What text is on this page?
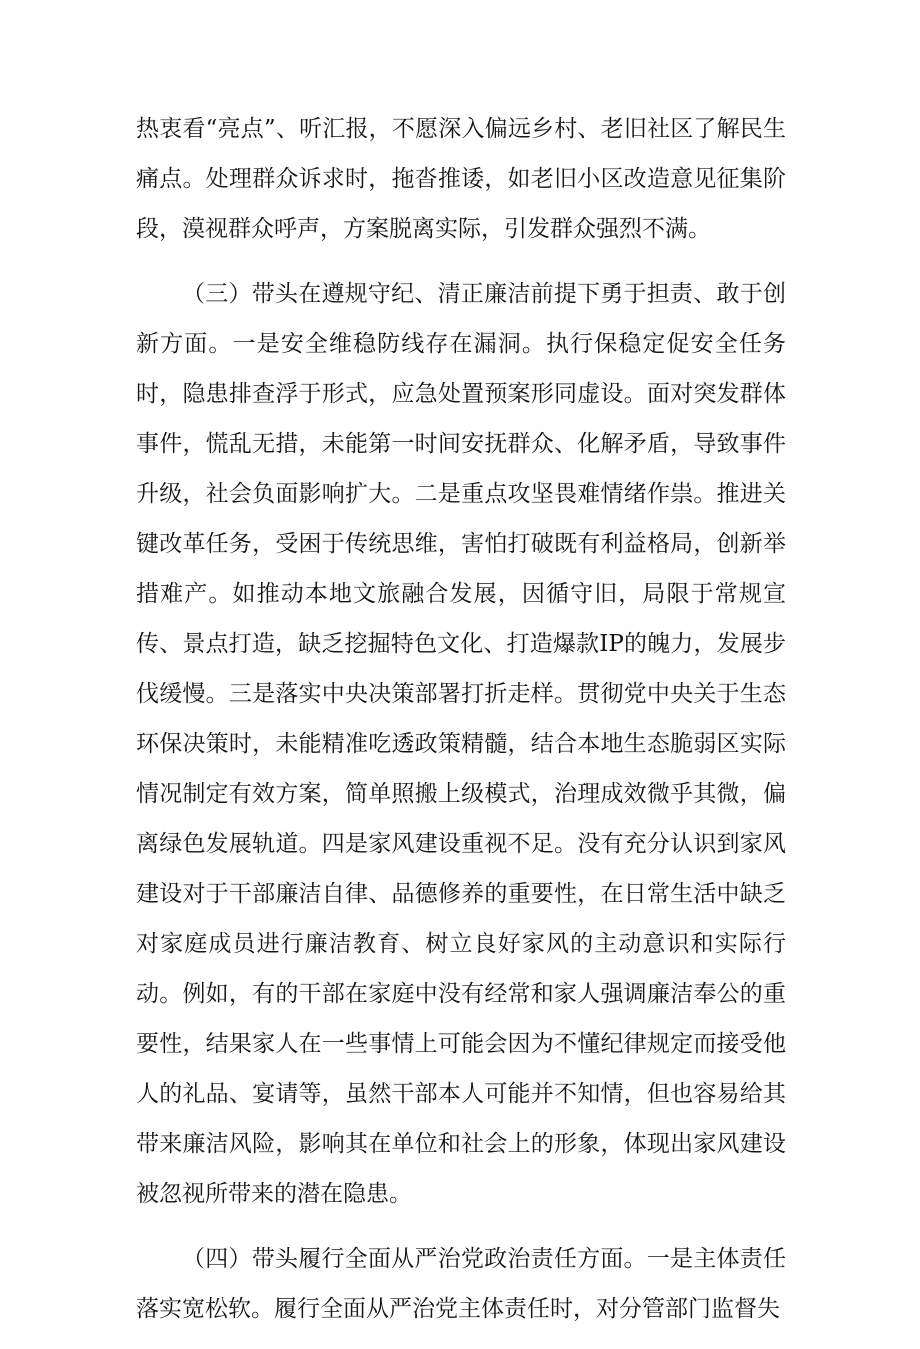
热衷看“亮点”、听汇报，不愿深入偏远乡村、老旧社区了解民生痛点。处理群众诉求时，拖沓推诿，如老旧小区改造意见征集阶段，漠视群众呼声，方案脱离实际，引发群众强烈不满。

（三）带头在遵规守纪、清正廉洁前提下勇于担责、敢于创新方面。一是安全维稳防线存在漏洞。执行保稳定促安全任务时，隐患排查浮于形式，应急处置预案形同虚设。面对突发群体事件，慌乱无措，未能第一时间安抚群众、化解矛盾，导致事件升级，社会负面影响扩大。二是重点攻坚畏难情绪作祟。推进关键改革任务，受困于传统思维，害怕打破既有利益格局，创新举措难产。如推动本地文旅融合发展，因循守旧，局限于常规宣传、景点打造，缺乏挖掘特色文化、打造爆款IP的魄力，发展步伐缓慢。三是落实中央决策部署打折走样。贯彻党中央关于生态环保决策时，未能精准吃透政策精髓，结合本地生态脆弱区实际情况制定有效方案，简单照搬上级模式，治理成效微乎其微，偏离绿色发展轨道。四是家风建设重视不足。没有充分认识到家风建设对于干部廉洁自律、品德修养的重要性，在日常生活中缺乏对家庭成员进行廉洁教育、树立良好家风的主动意识和实际行动。例如，有的干部在家庭中没有经常和家人强调廉洁奉公的重要性，结果家人在一些事情上可能会因为不懂纪律规定而接受他人的礼品、宴请等，虽然干部本人可能并不知情，但也容易给其带来廉洁风险，影响其在单位和社会上的形象，体现出家风建设被忽视所带来的潜在隐患。

（四）带头履行全面从严治党政治责任方面。一是主体责任落实宽松软。履行全面从严治党主体责任时，对分管部门监督失
